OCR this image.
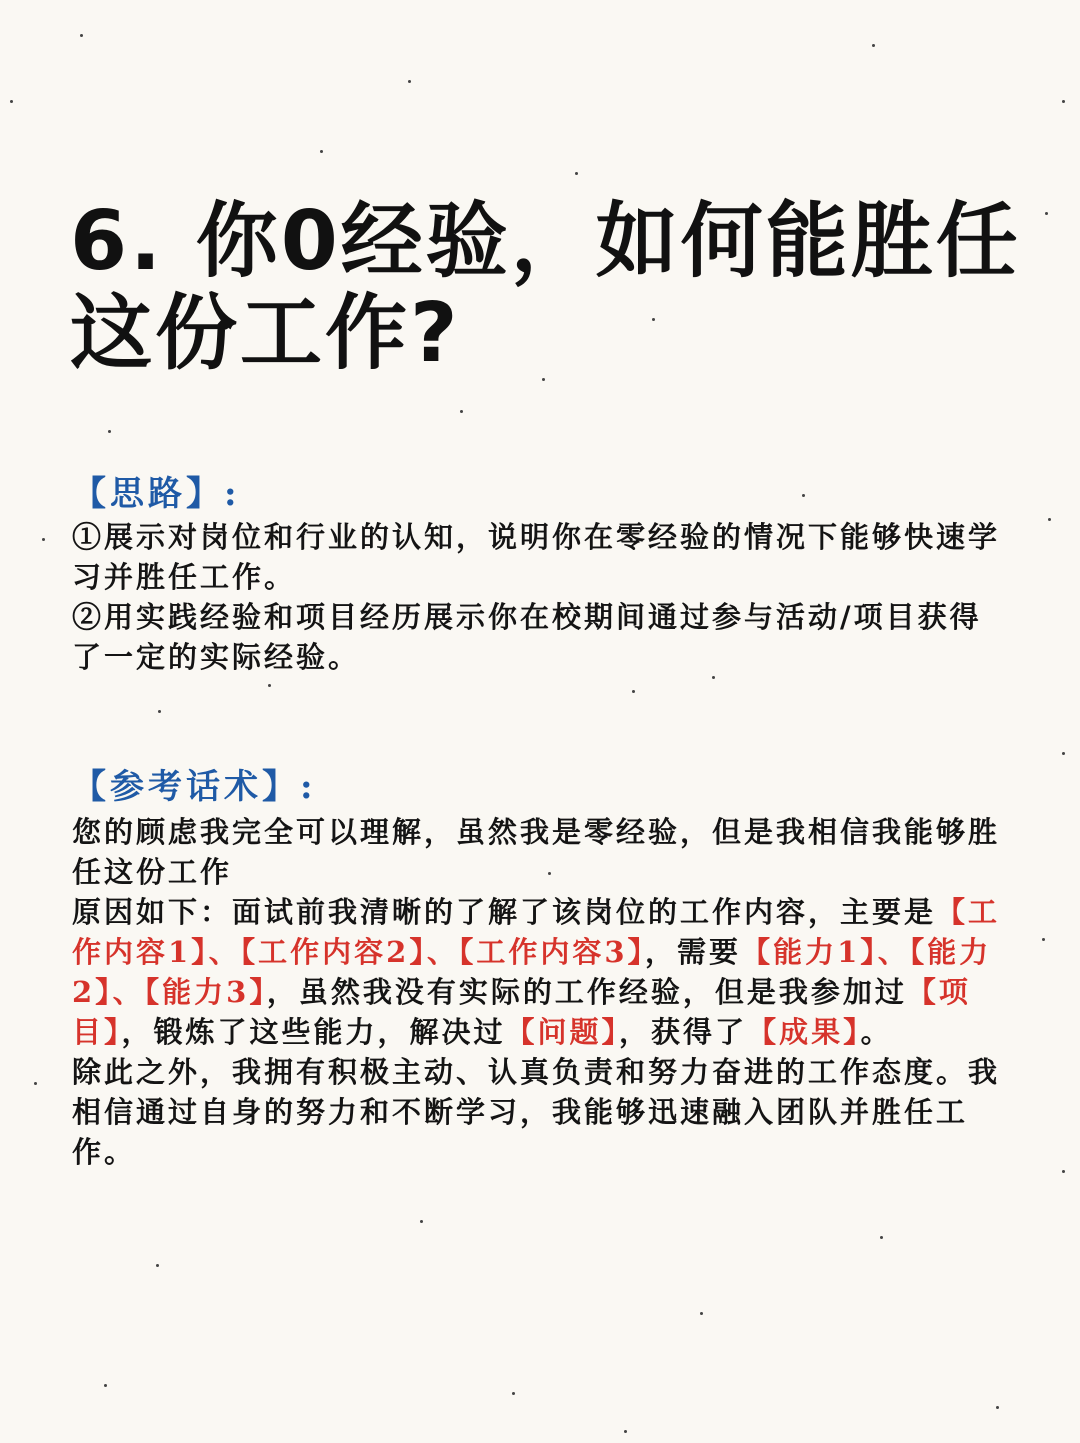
6. 你0经验，如何能胜任这份工作?
【思路】:

①展示对岗位和行业的认知，说明你在零经验的情况下能够快速学习并胜任工作。

②用实践经验和项目经历展示你在校期间通过参与活动/项目获得了一定的实际经验。

【参考话术】:

您的顾虑我完全可以理解，虽然我是零经验，但是我相信我能够胜任这份工作

原因如下：面试前我清晰的了解了该岗位的工作内容，主要是【工作内容1】、【工作内容2】、【工作内容3】，需要【能力1】、【能力2】、【能力3】，虽然我没有实际的工作经验，但是我参加过【项目】，锻炼了这些能力，解决过【问题】，获得了【成果】。

除此之外，我拥有积极主动、认真负责和努力奋进的工作态度。我相信通过自身的努力和不断学习，我能够迅速融入团队并胜任工作。
